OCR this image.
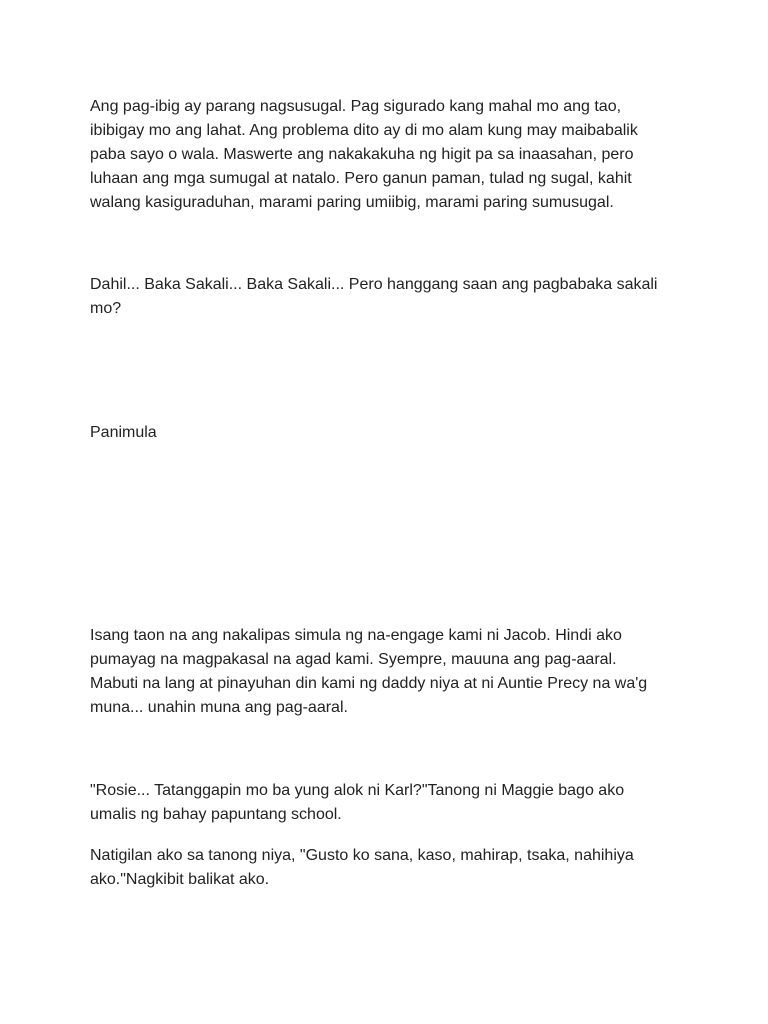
Ang pag-ibig ay parang nagsusugal. Pag sigurado kang mahal mo ang tao,
ibibigay mo ang lahat. Ang problema dito ay di mo alam kung may maibabalik
paba sayo o wala. Maswerte ang nakakakuha ng higit pa sa inaasahan, pero
luhaan ang mga sumugal at natalo. Pero ganun paman, tulad ng sugal, kahit
walang kasiguraduhan, marami paring umiibig, marami paring sumusugal.

Dahil... Baka Sakali... Baka Sakali... Pero hanggang saan ang pagbabaka sakali
mo?

Panimula

Isang taon na ang nakalipas simula ng na-engage kami ni Jacob. Hindi ako
pumayag na magpakasal na agad kami. Syempre, mauuna ang pag-aaral.
Mabuti na lang at pinayuhan din kami ng daddy niya at ni Auntie Precy na wa'g
muna... unahin muna ang pag-aaral.

"Rosie... Tatanggapin mo ba yung alok ni Karl?"Tanong ni Maggie bago ako
umalis ng bahay papuntang school.

Natigilan ako sa tanong niya, "Gusto ko sana, kaso, mahirap, tsaka, nahihiya
ako."Nagkibit balikat ako.
